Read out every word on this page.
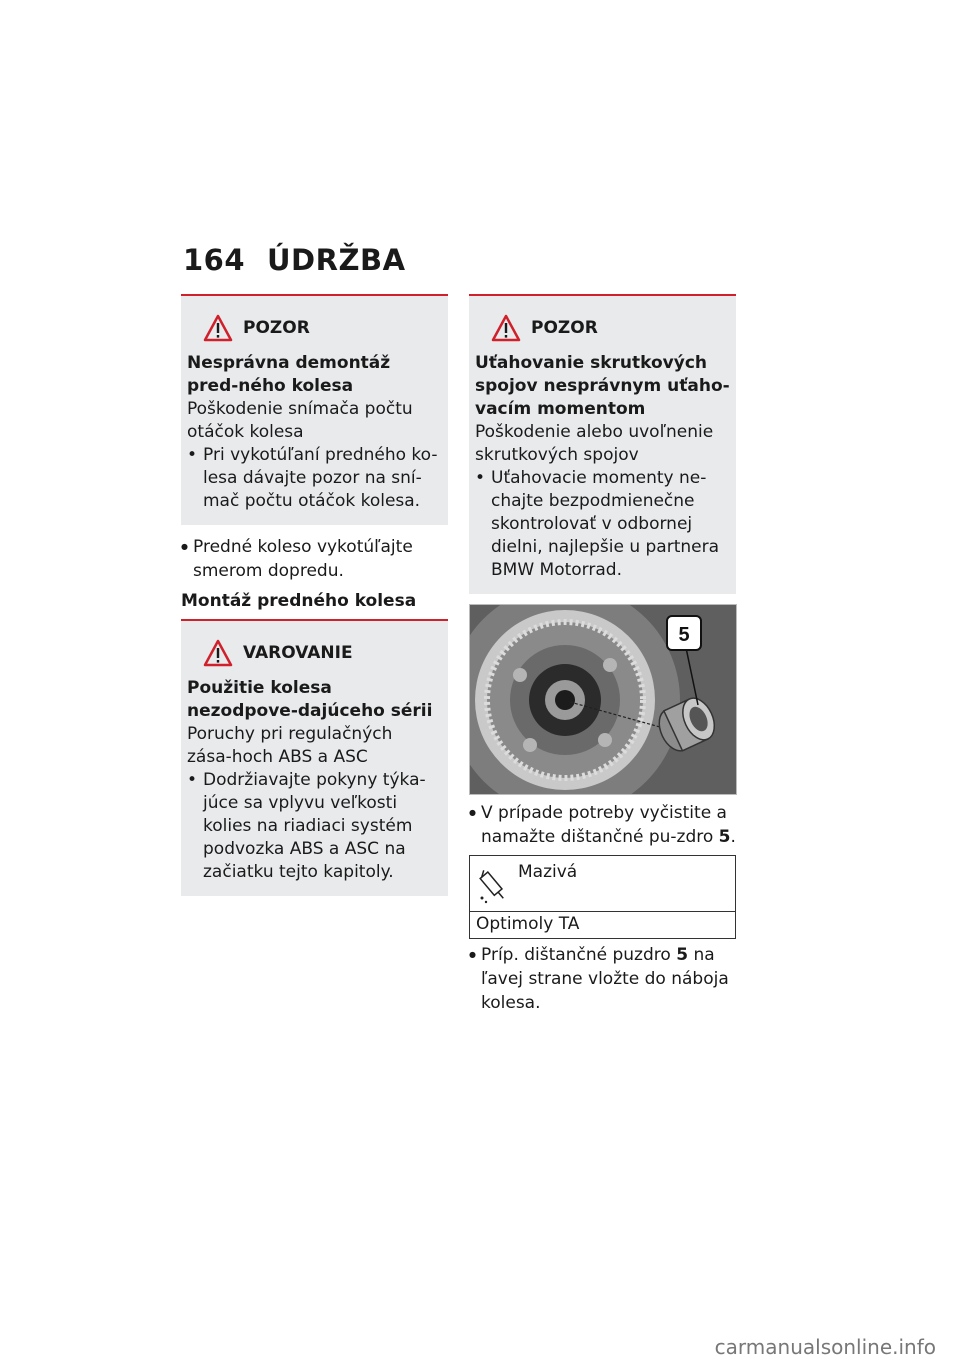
164 ÚDRŽBA
POZOR
Nesprávna demontáž pred-ného kolesa
Poškodenie snímača počtu otáčok kolesa
• Pri vykotúľaní predného ko-lesa dávajte pozor na sní-mač počtu otáčok kolesa.
● Predné koleso vykotúľajte smerom dopredu.
Montáž predného kolesa
VAROVANIE
Použitie kolesa nezodpove-dajúceho sérii
Poruchy pri regulačných zása-hoch ABS a ASC
• Dodržiavajte pokyny týka-júce sa vplyvu veľkosti kolies na riadiaci systém podvozka ABS a ASC na začiatku tejto kapitoly.
POZOR
Uťahovanie skrutkových spojov nesprávnym uťaho-vacím momentom
Poškodenie alebo uvoľnenie skrutkových spojov
• Uťahovacie momenty ne-chajte bezpodmienečne skontrolovať v odbornej dielni, najlepšie u partnera BMW Motorrad.
5
● V prípade potreby vyčistite a namažte dištančné pu-zdro 5.
Mazivá
Optimoly TA
● Príp. dištančné puzdro 5 na ľavej strane vložte do náboja kolesa.
carmanualsonline.info
